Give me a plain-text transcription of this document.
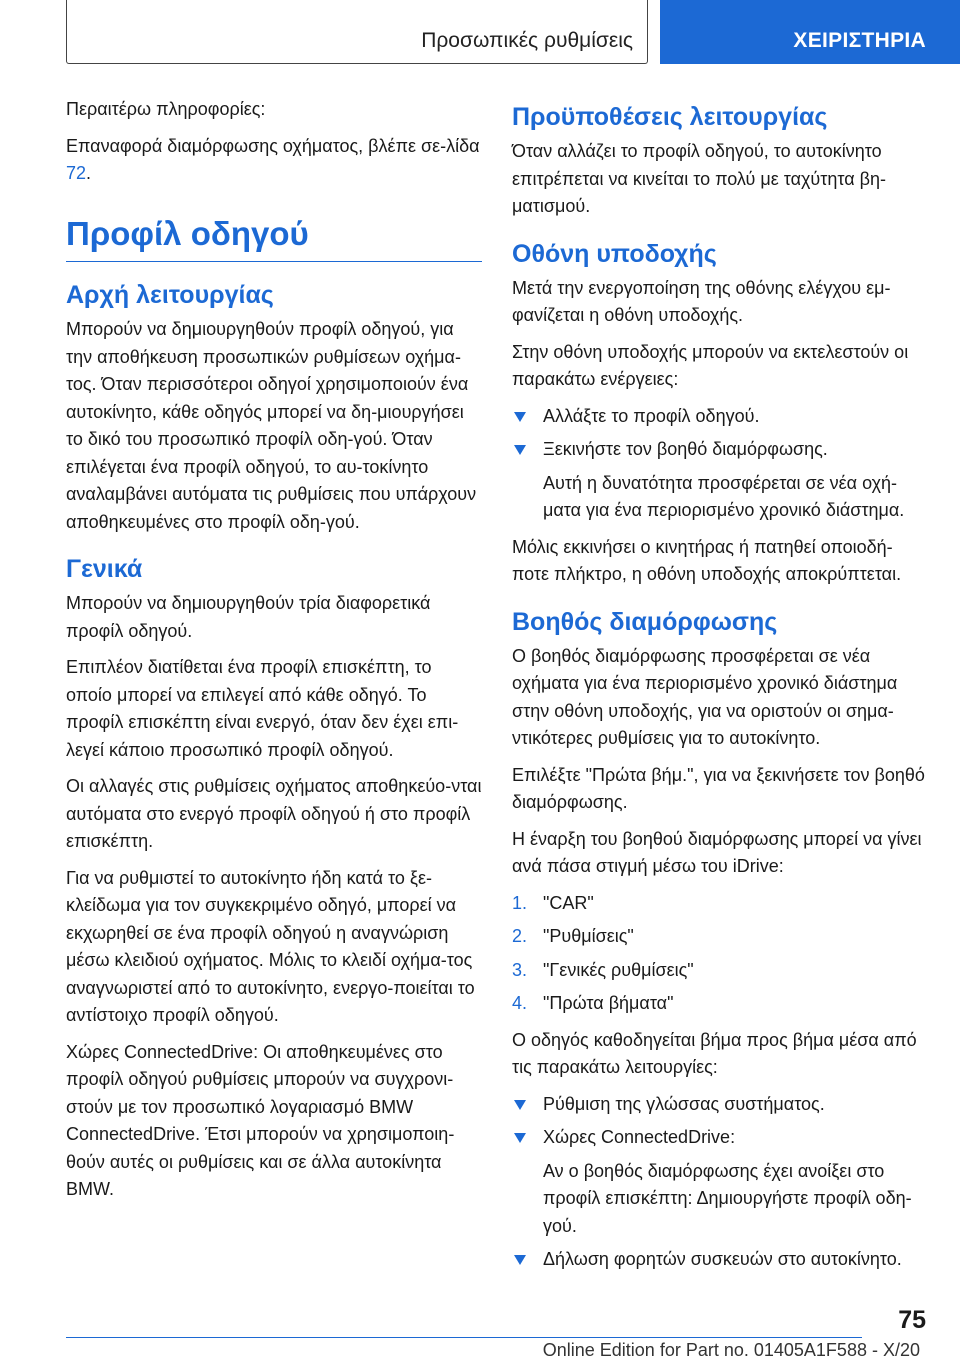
Προσωπικές ρυθμίσεις	ΧΕΙΡΙΣΤΗΡΙΑ

Περαιτέρω πληροφορίες:

Επαναφορά διαμόρφωσης οχήματος, βλέπε σε-λίδα 72.

Προφίλ οδηγού
Αρχή λειτουργίας

Μπορούν να δημιουργηθούν προφίλ οδηγού, για την αποθήκευση προσωπικών ρυθμίσεων οχήμα-τος. Όταν περισσότεροι οδηγοί χρησιμοποιούν ένα αυτοκίνητο, κάθε οδηγός μπορεί να δη-μιουργήσει το δικό του προσωπικό προφίλ οδη-γού. Όταν επιλέγεται ένα προφίλ οδηγού, το αυ-τοκίνητο αναλαμβάνει αυτόματα τις ρυθμίσεις που υπάρχουν αποθηκευμένες στο προφίλ οδη-γού.

Γενικά

Μπορούν να δημιουργηθούν τρία διαφορετικά προφίλ οδηγού.

Επιπλέον διατίθεται ένα προφίλ επισκέπτη, το οποίο μπορεί να επιλεγεί από κάθε οδηγό. Το προφίλ επισκέπτη είναι ενεργό, όταν δεν έχει επι-λεγεί κάποιο προσωπικό προφίλ οδηγού.

Οι αλλαγές στις ρυθμίσεις οχήματος αποθηκεύο-νται αυτόματα στο ενεργό προφίλ οδηγού ή στο προφίλ επισκέπτη.

Για να ρυθμιστεί το αυτοκίνητο ήδη κατά το ξε-κλείδωμα για τον συγκεκριμένο οδηγό, μπορεί να εκχωρηθεί σε ένα προφίλ οδηγού η αναγνώριση μέσω κλειδιού οχήματος. Μόλις το κλειδί οχήμα-τος αναγνωριστεί από το αυτοκίνητο, ενεργο-ποιείται το αντίστοιχο προφίλ οδηγού.

Χώρες ConnectedDrive: Οι αποθηκευμένες στο προφίλ οδηγού ρυθμίσεις μπορούν να συγχρονι-στούν με τον προσωπικό λογαριασμό BMW ConnectedDrive. Έτσι μπορούν να χρησιμοποιη-θούν αυτές οι ρυθμίσεις και σε άλλα αυτοκίνητα BMW.

Προϋποθέσεις λειτουργίας

Όταν αλλάζει το προφίλ οδηγού, το αυτοκίνητο επιτρέπεται να κινείται το πολύ με ταχύτητα βη-ματισμού.

Οθόνη υποδοχής

Μετά την ενεργοποίηση της οθόνης ελέγχου εμ-φανίζεται η οθόνη υποδοχής.

Στην οθόνη υποδοχής μπορούν να εκτελεστούν οι παρακάτω ενέργειες:

Αλλάξτε το προφίλ οδηγού.
Ξεκινήστε τον βοηθό διαμόρφωσης.
Αυτή η δυνατότητα προσφέρεται σε νέα οχή-ματα για ένα περιορισμένο χρονικό διάστημα.

Μόλις εκκινήσει ο κινητήρας ή πατηθεί οποιοδή-ποτε πλήκτρο, η οθόνη υποδοχής αποκρύπτεται.

Βοηθός διαμόρφωσης

Ο βοηθός διαμόρφωσης προσφέρεται σε νέα οχήματα για ένα περιορισμένο χρονικό διάστημα στην οθόνη υποδοχής, για να οριστούν οι σημα-ντικότερες ρυθμίσεις για το αυτοκίνητο.

Επιλέξτε "Πρώτα βήμ.", για να ξεκινήσετε τον βοηθό διαμόρφωσης.

Η έναρξη του βοηθού διαμόρφωσης μπορεί να γίνει ανά πάσα στιγμή μέσω του iDrive:

1. "CAR"
2. "Ρυθμίσεις"
3. "Γενικές ρυθμίσεις"
4. "Πρώτα βήματα"

Ο οδηγός καθοδηγείται βήμα προς βήμα μέσα από τις παρακάτω λειτουργίες:

Ρύθμιση της γλώσσας συστήματος.
Χώρες ConnectedDrive:
Αν ο βοηθός διαμόρφωσης έχει ανοίξει στο προφίλ επισκέπτη: Δημιουργήστε προφίλ οδη-γού.
Δήλωση φορητών συσκευών στο αυτοκίνητο.
75
Online Edition for Part no. 01405A1F588 - X/20
